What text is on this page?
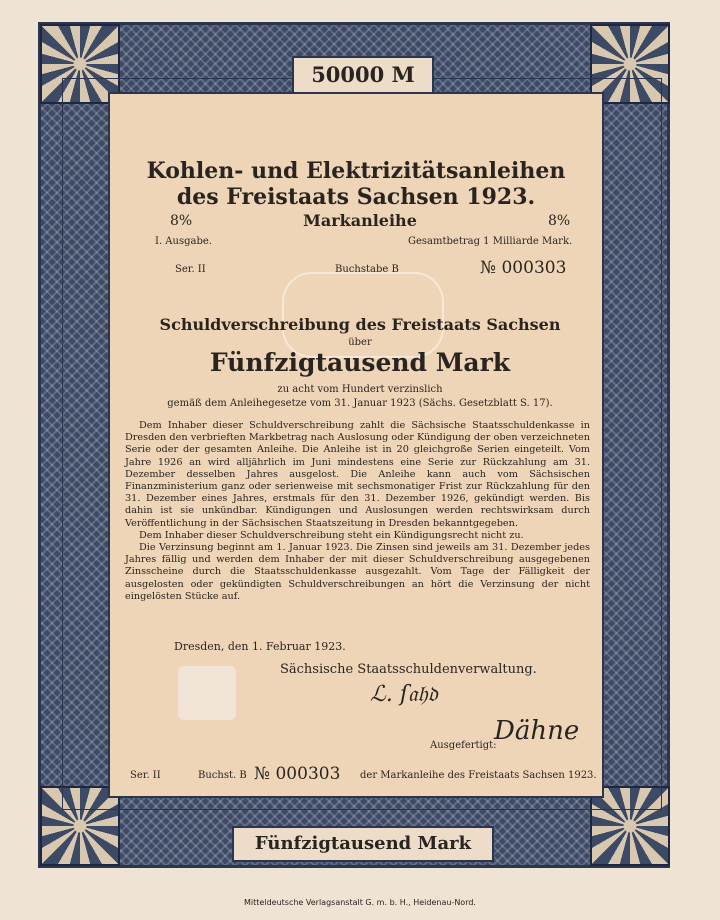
50000 M
Kohlen- und Elektrizitätsanleihen
des Freistaats Sachsen 1923.
8%	8%
Markanleihe
I. Ausgabe.	Gesamtbetrag 1 Milliarde Mark.
Ser. II	Buchstabe B	№ 000303
Schuldverschreibung des Freistaats Sachsen
über
Fünfzigtausend Mark
zu acht vom Hundert verzinslich
gemäß dem Anleihegesetze vom 31. Januar 1923 (Sächs. Gesetzblatt S. 17).

Dem Inhaber dieser Schuldverschreibung zahlt die Sächsische Staatsschuldenkasse in Dresden den verbrieften Markbetrag nach Auslosung oder Kündigung der oben verzeichneten Serie oder der gesamten Anleihe. Die Anleihe ist in 20 gleichgroße Serien eingeteilt. Vom Jahre 1926 an wird alljährlich im Juni mindestens eine Serie zur Rückzahlung am 31. Dezember desselben Jahres ausgelost. Die Anleihe kann auch vom Sächsischen Finanzministerium ganz oder serienweise mit sechsmonatiger Frist zur Rückzahlung für den 31. Dezember eines Jahres, erstmals für den 31. Dezember 1926, gekündigt werden. Bis dahin ist sie unkündbar. Kündigungen und Auslosungen werden rechtswirksam durch Veröffentlichung in der Sächsischen Staatszeitung in Dresden bekanntgegeben.

Dem Inhaber dieser Schuldverschreibung steht ein Kündigungsrecht nicht zu.

Die Verzinsung beginnt am 1. Januar 1923. Die Zinsen sind jeweils am 31. Dezember jedes Jahres fällig und werden dem Inhaber der mit dieser Schuldverschreibung ausgegebenen Zinsscheine durch die Staatsschuldenkasse ausgezahlt. Vom Tage der Fälligkeit der ausgelosten oder gekündigten Schuldverschreibungen an hört die Verzinsung der nicht eingelösten Stücke auf.

Dresden, den 1. Februar 1923.
Sächsische Staatsschuldenverwaltung.
ℒ. ſ𝔞𝔥𝔡
Ausgefertigt:
Dähne
Ser. II	Buchst. B № 000303 der Markanleihe des Freistaats Sachsen 1923.
Fünfzigtausend Mark
Mitteldeutsche Verlagsanstalt G. m. b. H., Heidenau-Nord.
